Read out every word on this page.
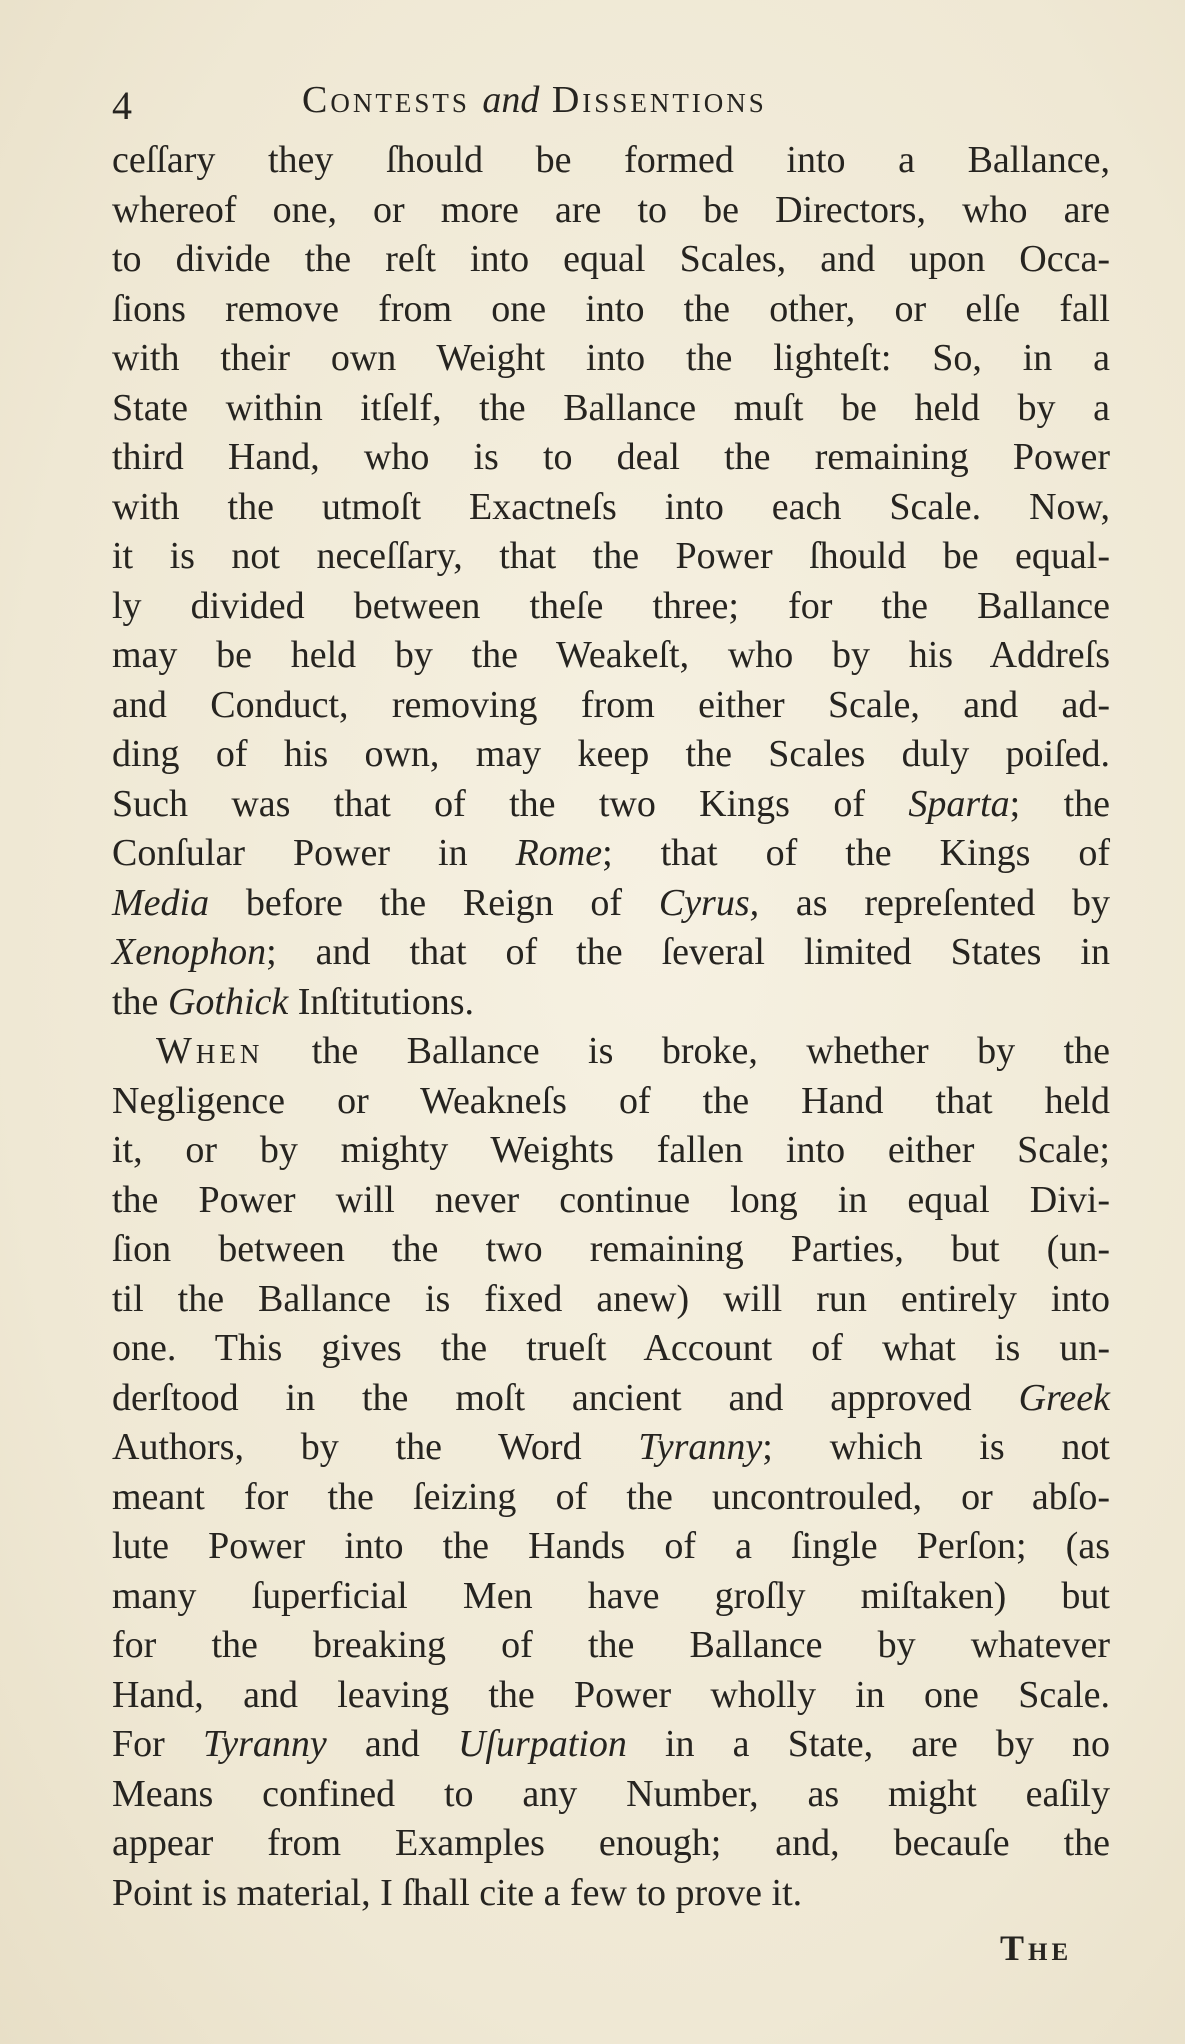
4	Contests and Dissentions
ceſſary they ſhould be formed into a Ballance,
whereof one, or more are to be Directors, who are
to divide the reſt into equal Scales, and upon Occa-
ſions remove from one into the other, or elſe fall
with their own Weight into the lighteſt: So, in a
State within itſelf, the Ballance muſt be held by a
third Hand, who is to deal the remaining Power
with the utmoſt Exactneſs into each Scale. Now,
it is not neceſſary, that the Power ſhould be equal-
ly divided between theſe three; for the Ballance
may be held by the Weakeſt, who by his Addreſs
and Conduct, removing from either Scale, and ad-
ding of his own, may keep the Scales duly poiſed.
Such was that of the two Kings of Sparta; the
Conſular Power in Rome; that of the Kings of
Media before the Reign of Cyrus, as repreſented by
Xenophon; and that of the ſeveral limited States in
the Gothick Inſtitutions.
When the Ballance is broke, whether by the
Negligence or Weakneſs of the Hand that held
it, or by mighty Weights fallen into either Scale;
the Power will never continue long in equal Divi-
ſion between the two remaining Parties, but (un-
til the Ballance is fixed anew) will run entirely into
one. This gives the trueſt Account of what is un-
derſtood in the moſt ancient and approved Greek
Authors, by the Word Tyranny; which is not
meant for the ſeizing of the uncontrouled, or abſo-
lute Power into the Hands of a ſingle Perſon; (as
many ſuperficial Men have groſly miſtaken) but
for the breaking of the Ballance by whatever
Hand, and leaving the Power wholly in one Scale.
For Tyranny and Uſurpation in a State, are by no
Means confined to any Number, as might eaſily
appear from Examples enough; and, becauſe the
Point is material, I ſhall cite a few to prove it.
The
